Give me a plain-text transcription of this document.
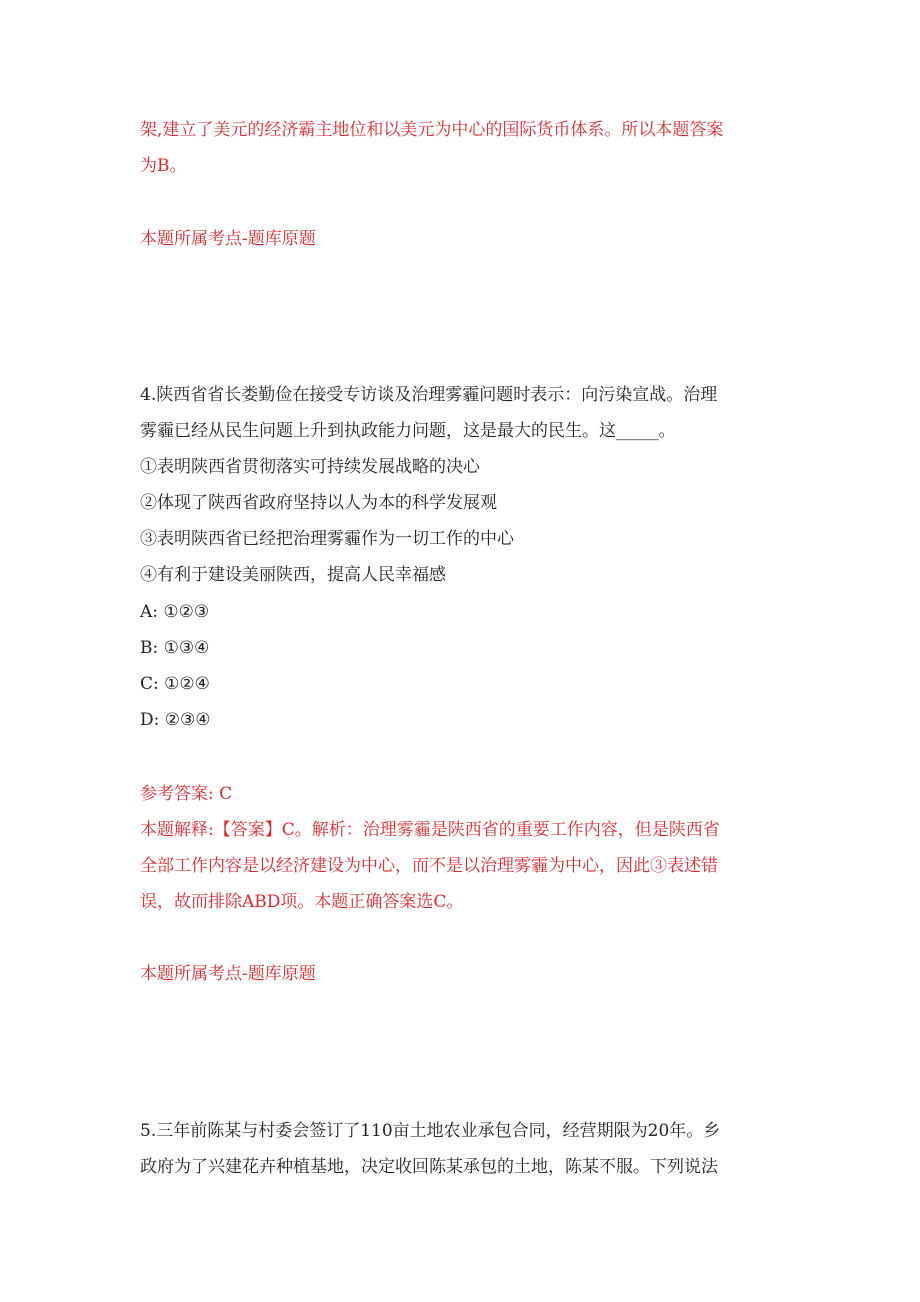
架,建立了美元的经济霸主地位和以美元为中心的国际货币体系。所以本题答案
为B。
本题所属考点-题库原题
4.陕西省省长娄勤俭在接受专访谈及治理雾霾问题时表示：向污染宣战。治理
雾霾已经从民生问题上升到执政能力问题，这是最大的民生。这_____。
①表明陕西省贯彻落实可持续发展战略的决心
②体现了陕西省政府坚持以人为本的科学发展观
③表明陕西省已经把治理雾霾作为一切工作的中心
④有利于建设美丽陕西，提高人民幸福感
A: ①②③
B: ①③④
C: ①②④
D: ②③④
参考答案: C
本题解释:【答案】C。解析：治理雾霾是陕西省的重要工作内容，但是陕西省
全部工作内容是以经济建设为中心，而不是以治理雾霾为中心，因此③表述错
误，故而排除ABD项。本题正确答案选C。
本题所属考点-题库原题
5.三年前陈某与村委会签订了110亩土地农业承包合同，经营期限为20年。乡
政府为了兴建花卉种植基地，决定收回陈某承包的土地，陈某不服。下列说法
